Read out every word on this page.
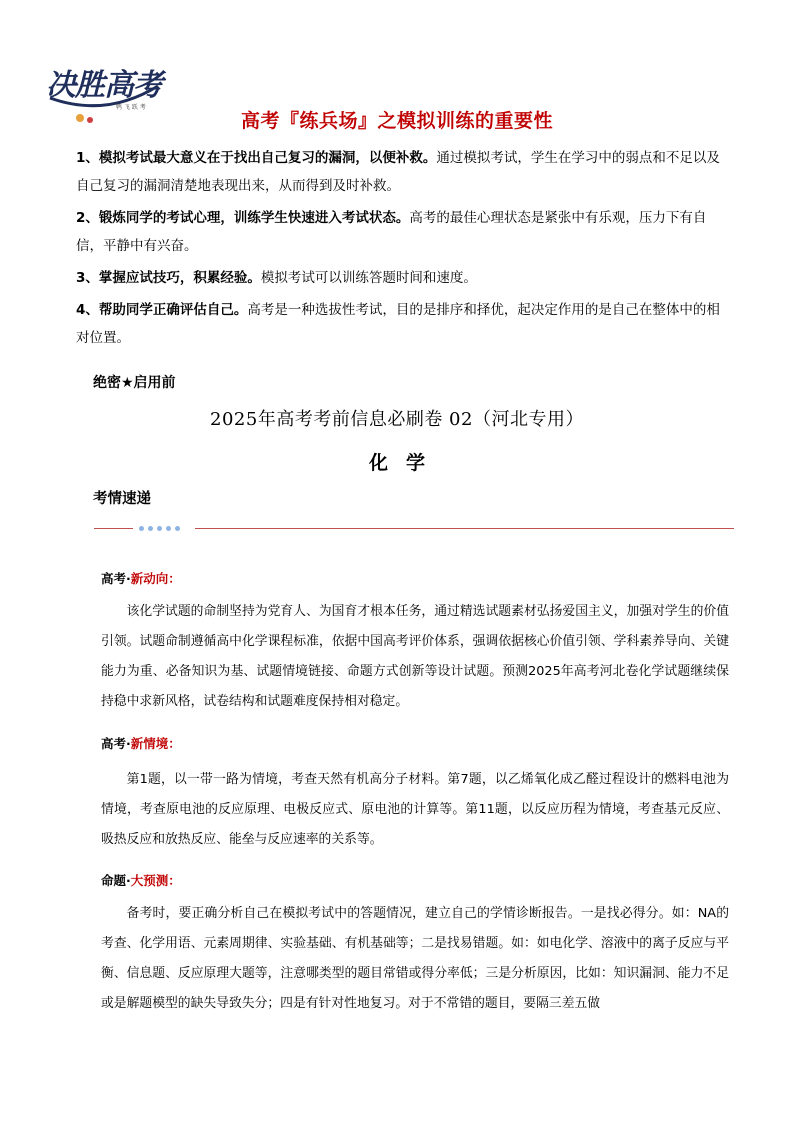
决胜高考
鸭 飞 跃 考
高考『练兵场』之模拟训练的重要性
1、模拟考试最大意义在于找出自己复习的漏洞，以便补救。通过模拟考试，学生在学习中的弱点和不足以及自己复习的漏洞清楚地表现出来，从而得到及时补救。
2、锻炼同学的考试心理，训练学生快速进入考试状态。高考的最佳心理状态是紧张中有乐观，压力下有自信，平静中有兴奋。
3、掌握应试技巧，积累经验。模拟考试可以训练答题时间和速度。
4、帮助同学正确评估自己。高考是一种选拔性考试，目的是排序和择优，起决定作用的是自己在整体中的相对位置。
绝密★启用前
2025年高考考前信息必刷卷 02（河北专用）
化学
考情速递
高考·新动向：
该化学试题的命制坚持为党育人、为国育才根本任务，通过精选试题素材弘扬爱国主义，加强对学生的价值引领。试题命制遵循高中化学课程标准，依据中国高考评价体系，强调依据核心价值引领、学科素养导向、关键能力为重、必备知识为基、试题情境链接、命题方式创新等设计试题。预测2025年高考河北卷化学试题继续保持稳中求新风格，试卷结构和试题难度保持相对稳定。
高考·新情境：
第1题，以一带一路为情境，考查天然有机高分子材料。第7题，以乙烯氧化成乙醛过程设计的燃料电池为情境，考查原电池的反应原理、电极反应式、原电池的计算等。第11题，以反应历程为情境，考查基元反应、吸热反应和放热反应、能垒与反应速率的关系等。
命题·大预测：
备考时，要正确分析自己在模拟考试中的答题情况，建立自己的学情诊断报告。一是找必得分。如：NA的考查、化学用语、元素周期律、实验基础、有机基础等；二是找易错题。如：如电化学、溶液中的离子反应与平衡、信息题、反应原理大题等，注意哪类型的题目常错或得分率低；三是分析原因，比如：知识漏洞、能力不足或是解题模型的缺失导致失分；四是有针对性地复习。对于不常错的题目，要隔三差五做
